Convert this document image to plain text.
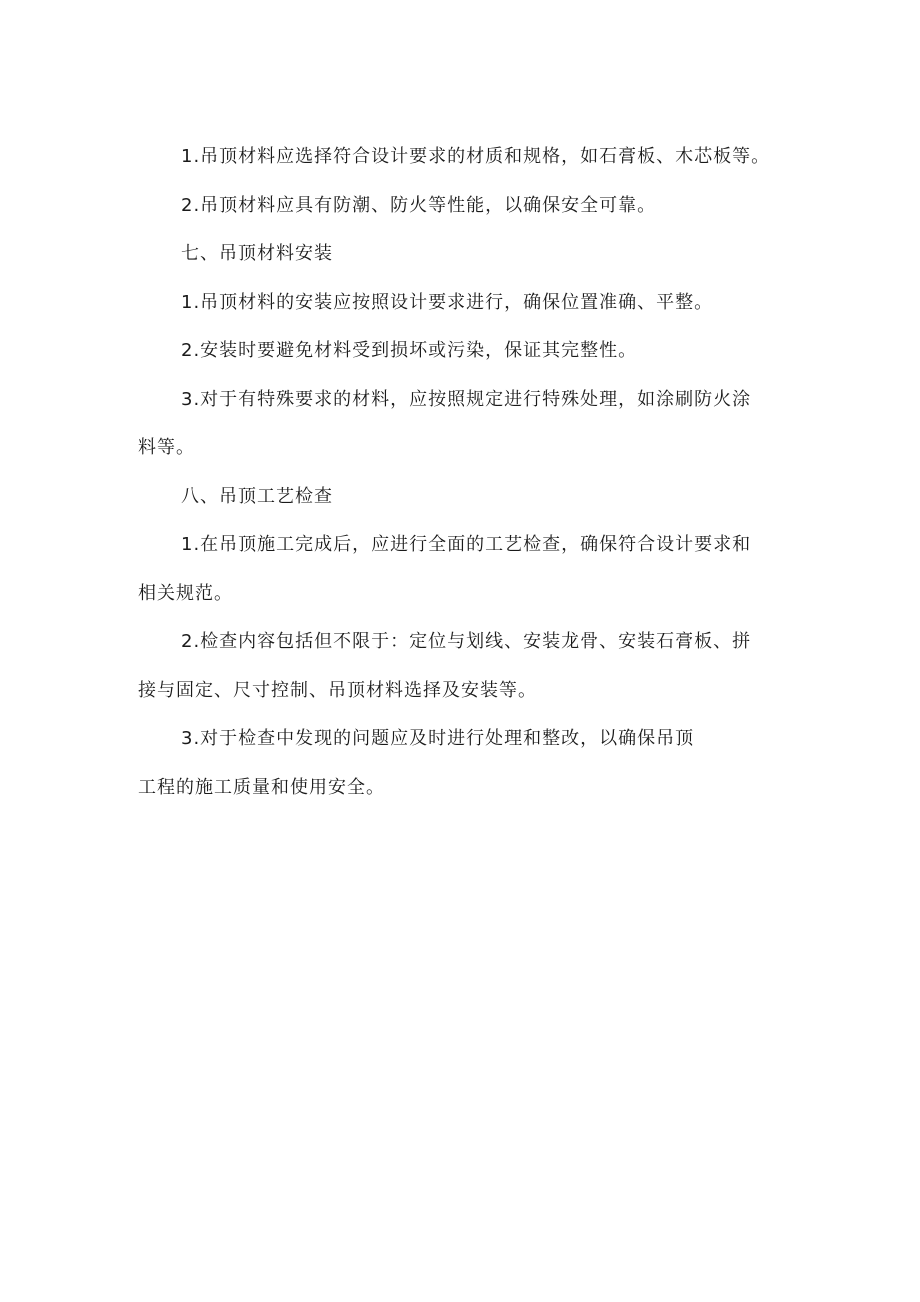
1.吊顶材料应选择符合设计要求的材质和规格，如石膏板、木芯板等。
2.吊顶材料应具有防潮、防火等性能，以确保安全可靠。
七、吊顶材料安装
1.吊顶材料的安装应按照设计要求进行，确保位置准确、平整。
2.安装时要避免材料受到损坏或污染，保证其完整性。
3.对于有特殊要求的材料，应按照规定进行特殊处理，如涂刷防火涂
料等。
八、吊顶工艺检查
1.在吊顶施工完成后，应进行全面的工艺检查，确保符合设计要求和
相关规范。
2.检查内容包括但不限于：定位与划线、安装龙骨、安装石膏板、拼
接与固定、尺寸控制、吊顶材料选择及安装等。
3.对于检查中发现的问题应及时进行处理和整改，以确保吊顶
工程的施工质量和使用安全。
